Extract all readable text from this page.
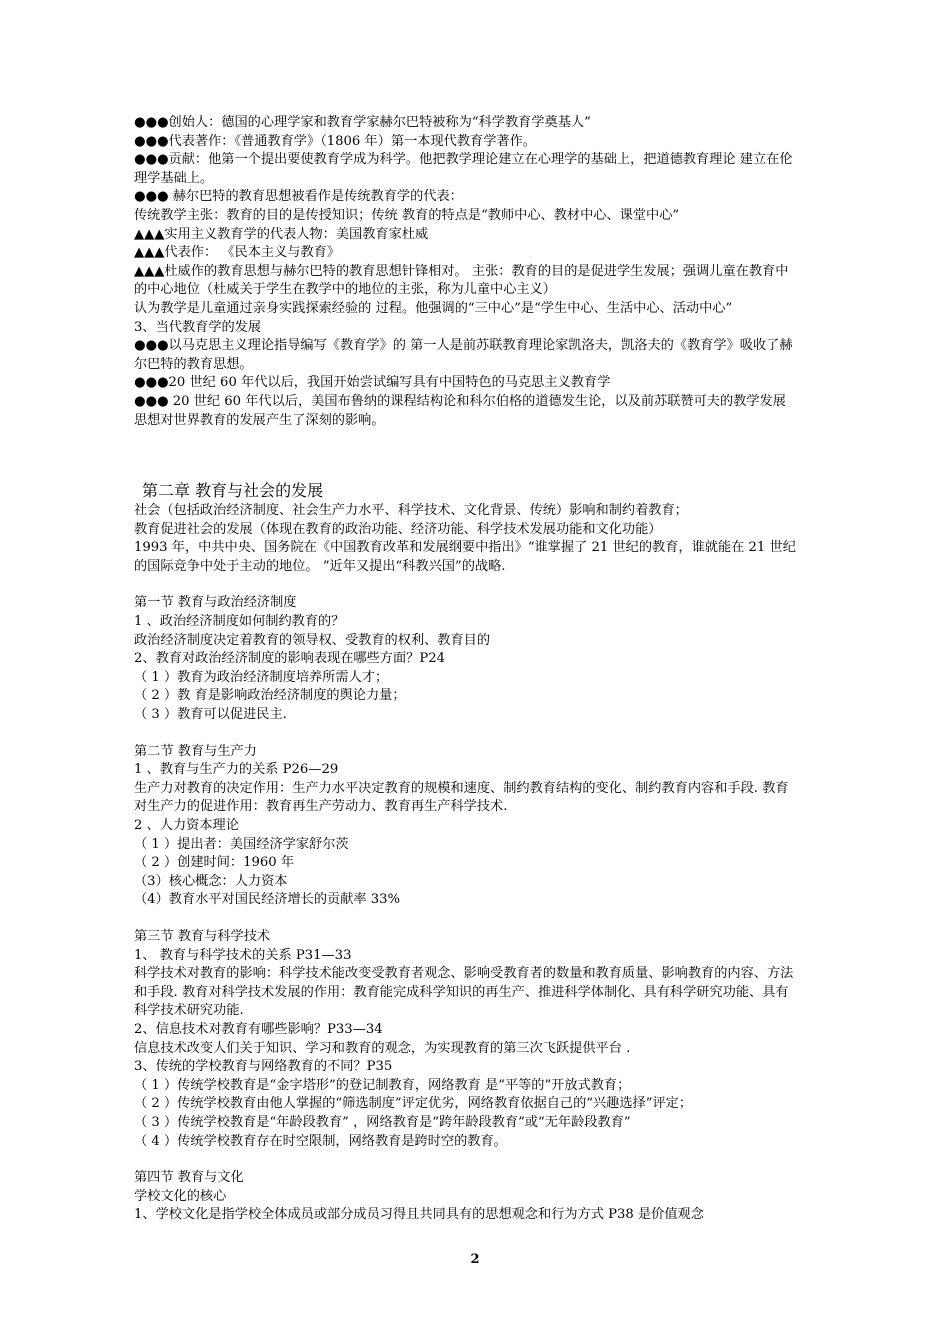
●●●创始人：德国的心理学家和教育学家赫尔巴特被称为“科学教育学奠基人”
●●●代表著作：《普通教育学》（1806 年）第一本现代教育学著作。
●●●贡献：他第一个提出要使教育学成为科学。他把教学理论建立在心理学的基础上，把道德教育理论 建立在伦理学基础上。
●●● 赫尔巴特的教育思想被看作是传统教育学的代表：
传统教学主张：教育的目的是传授知识；传统 教育的特点是“教师中心、教材中心、课堂中心”
▲▲▲实用主义教育学的代表人物：美国教育家杜威
▲▲▲代表作： 《民本主义与教育》
▲▲▲杜威作的教育思想与赫尔巴特的教育思想针锋相对。 主张：教育的目的是促进学生发展；强调儿童在教育中的中心地位（杜威关于学生在教学中的地位的主张，称为儿童中心主义）
认为教学是儿童通过亲身实践探索经验的 过程。他强调的“三中心”是“学生中心、生活中心、活动中心”
3、当代教育学的发展
●●●以马克思主义理论指导编写《教育学》的 第一人是前苏联教育理论家凯洛夫，凯洛夫的《教育学》吸收了赫尔巴特的教育思想。
●●●20 世纪 60 年代以后，我国开始尝试编写具有中国特色的马克思主义教育学
●●● 20 世纪 60 年代以后，美国布鲁纳的课程结构论和科尔伯格的道德发生论，以及前苏联赞可夫的教学发展思想对世界教育的发展产生了深刻的影响。
第二章 教育与社会的发展
社会（包括政治经济制度、社会生产力水平、科学技术、文化背景、传统）影响和制约着教育；
教育促进社会的发展（体现在教育的政治功能、经济功能、科学技术发展功能和文化功能）
1993 年，中共中央、国务院在《中国教育改革和发展纲要中指出》“谁掌握了 21 世纪的教育，谁就能在 21 世纪的国际竞争中处于主动的地位。 ”近年又提出“科教兴国”的战略.
第一节 教育与政治经济制度
1 、政治经济制度如何制约教育的？
政治经济制度决定着教育的领导权、受教育的权利、教育目的
2、教育对政治经济制度的影响表现在哪些方面？P24
（ 1 ）教育为政治经济制度培养所需人才；
（ 2 ）教 育是影响政治经济制度的舆论力量；
（ 3 ）教育可以促进民主.
第二节 教育与生产力
1 、教育与生产力的关系 P26—29
生产力对教育的决定作用：生产力水平决定教育的规模和速度、制约教育结构的变化、制约教育内容和手段. 教育对生产力的促进作用：教育再生产劳动力、教育再生产科学技术.
2 、人力资本理论
（ 1 ）提出者：美国经济学家舒尔茨
（ 2 ）创建时间：1960 年
（3）核心概念：人力资本
（4）教育水平对国民经济增长的贡献率 33%
第三节 教育与科学技术
1、 教育与科学技术的关系 P31—33
科学技术对教育的影响：科学技术能改变受教育者观念、影响受教育者的数量和教育质量、影响教育的内容、方法和手段. 教育对科学技术发展的作用：教育能完成科学知识的再生产、推进科学体制化、具有科学研究功能、具有科学技术研究功能.
2、信息技术对教育有哪些影响？P33—34
信息技术改变人们关于知识、学习和教育的观念，为实现教育的第三次飞跃提供平台 .
3、传统的学校教育与网络教育的不同？P35
（ 1 ）传统学校教育是“金字塔形”的登记制教育，网络教育 是“平等的”开放式教育；
（ 2 ）传统学校教育由他人掌握的“筛选制度”评定优劣，网络教育依据自己的“兴趣选择”评定；
（ 3 ）传统学校教育是“年龄段教育” ，网络教育是“跨年龄段教育”或“无年龄段教育”
（ 4 ）传统学校教育存在时空限制，网络教育是跨时空的教育。
第四节 教育与文化
学校文化的核心
1、学校文化是指学校全体成员或部分成员习得且共同具有的思想观念和行为方式 P38 是价值观念
2
